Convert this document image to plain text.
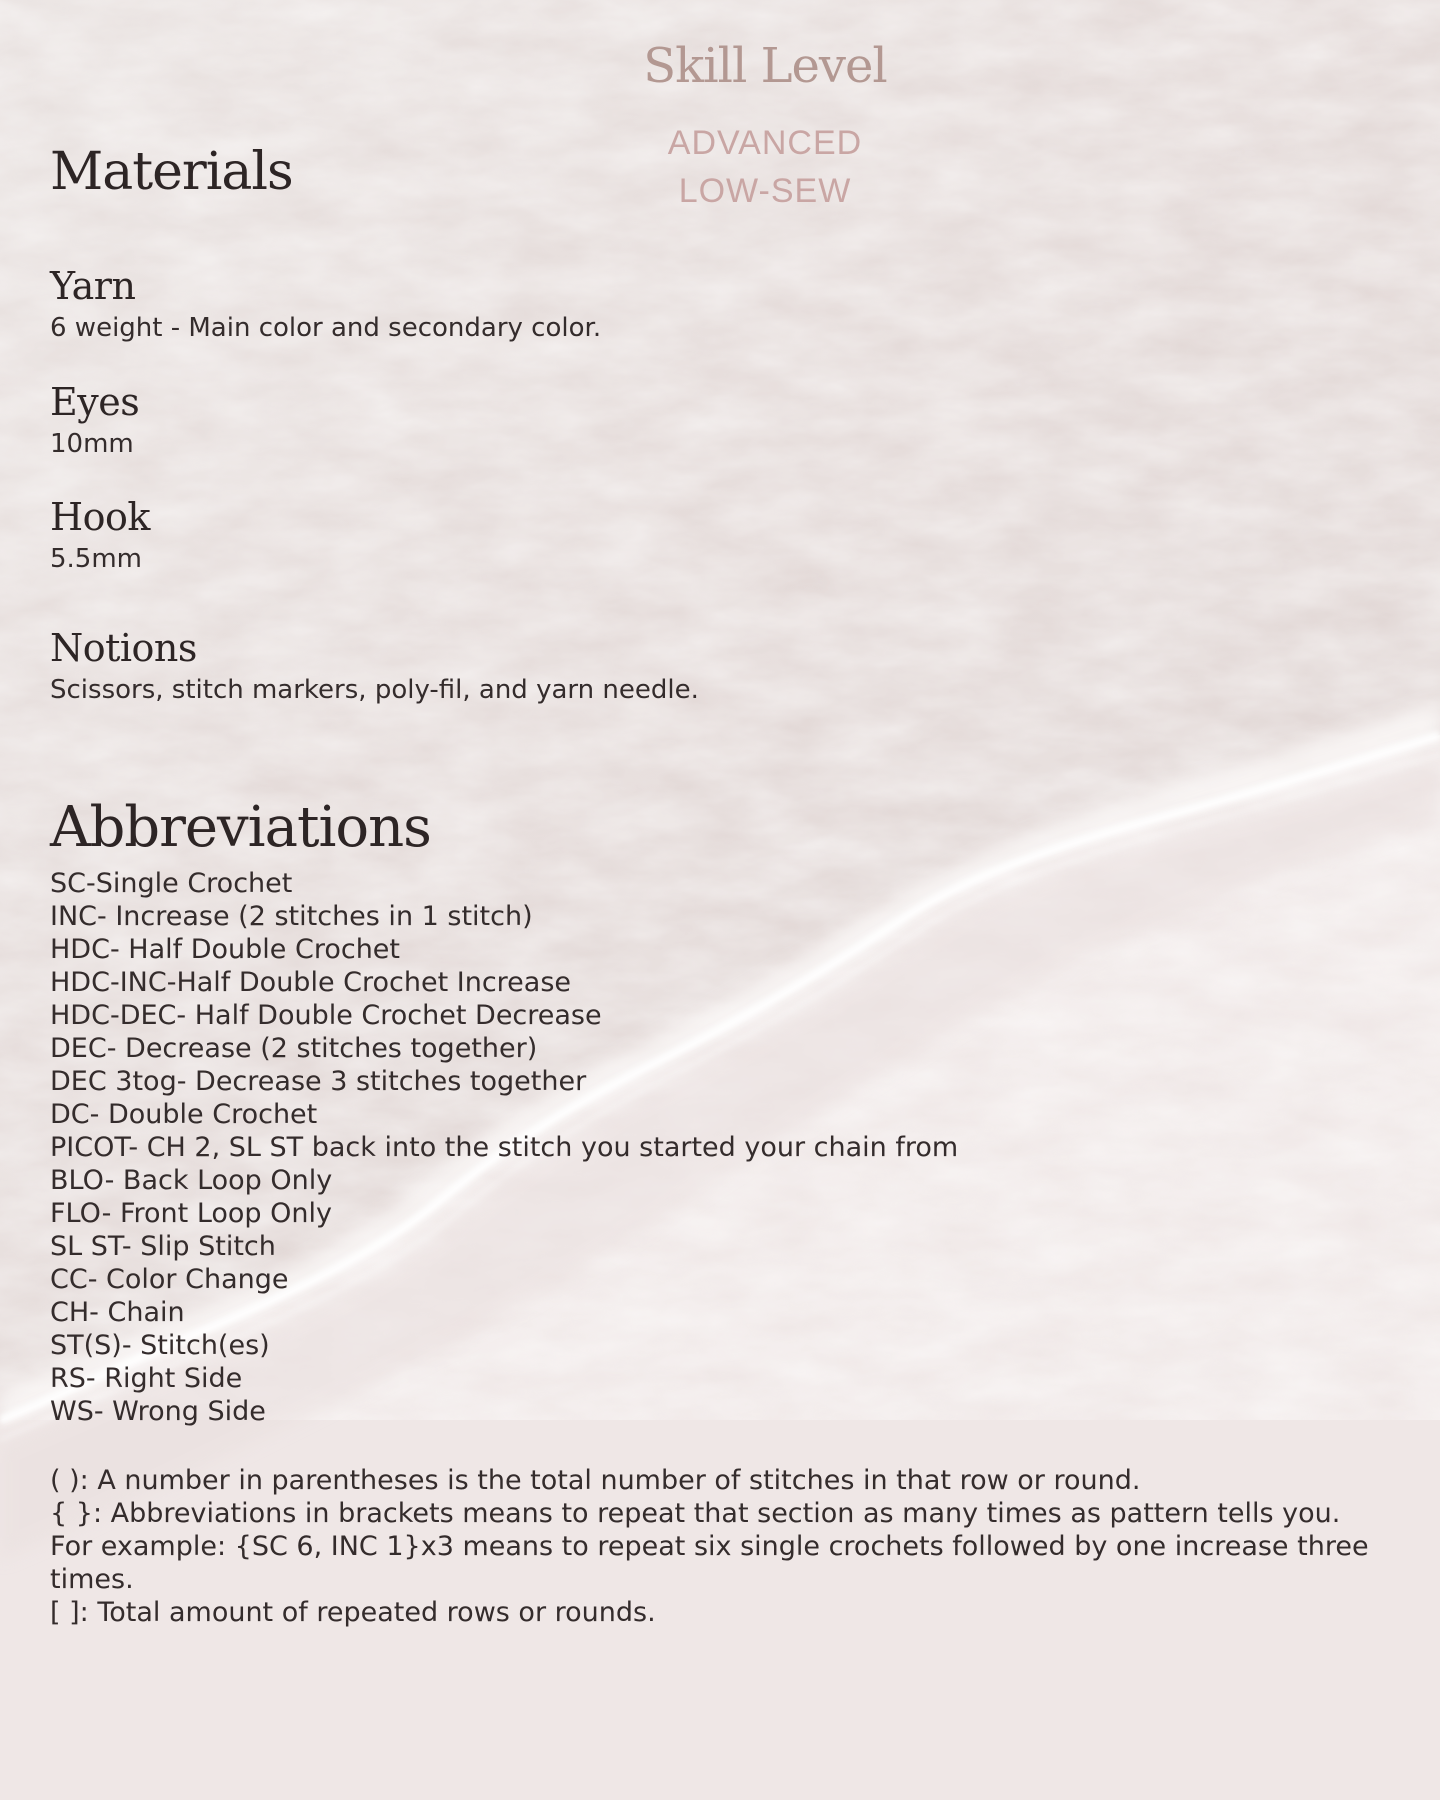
Skill Level
ADVANCED
LOW-SEW
Materials
Yarn
6 weight - Main color and secondary color.
Eyes
10mm
Hook
5.5mm
Notions
Scissors, stitch markers, poly-fil, and yarn needle.
Abbreviations
SC-Single Crochet
INC- Increase (2 stitches in 1 stitch)
HDC- Half Double Crochet
HDC-INC-Half Double Crochet Increase
HDC-DEC- Half Double Crochet Decrease
DEC- Decrease (2 stitches together)
DEC 3tog- Decrease 3 stitches together
DC- Double Crochet
PICOT- CH 2, SL ST back into the stitch you started your chain from
BLO- Back Loop Only
FLO- Front Loop Only
SL ST- Slip Stitch
CC- Color Change
CH- Chain
ST(S)- Stitch(es)
RS- Right Side
WS- Wrong Side

( ): A number in parentheses is the total number of stitches in that row or round.

{ }: Abbreviations in brackets means to repeat that section as many times as pattern tells you. For example: {SC 6, INC 1}x3 means to repeat six single crochets followed by one increase three times.

[ ]: Total amount of repeated rows or rounds.
